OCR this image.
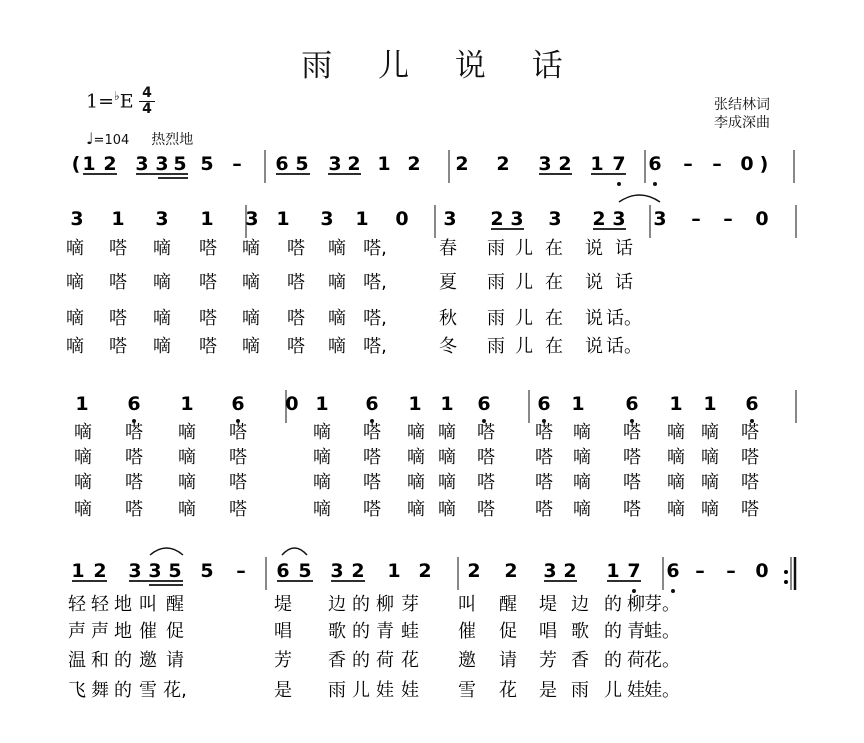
雨 儿 说 话
1=♭E 4
4
♩=104 热烈地
张结林词
李成深曲
( 1 2 3 3 5 5 – 6 5 3 2 1 2 2 2 3 2 1 7 6 – – 0 )
3 1 3 1 3 1 3 1 0 3 2 3 3 2 3 3 – – 0
嘀 嗒 嘀 嗒 嘀 嗒 嘀 嗒,	春 雨 儿 在 说 话
嘀 嗒 嘀 嗒 嘀 嗒 嘀 嗒,	夏 雨 儿 在 说 话
嘀 嗒 嘀 嗒 嘀 嗒 嘀 嗒,	秋 雨 儿 在 说 话。
嘀 嗒 嘀 嗒 嘀 嗒 嘀 嗒,	冬 雨 儿 在 说 话。
1 6 1 6 0 1 6 1 1 6 6 1 6 1 1 6
嘀 嗒 嘀 嗒	嘀 嗒 嘀 嘀 嗒 嗒 嘀 嗒 嘀 嘀 嗒
嘀 嗒 嘀 嗒	嘀 嗒 嘀 嘀 嗒 嗒 嘀 嗒 嘀 嘀 嗒
嘀 嗒 嘀 嗒	嘀 嗒 嘀 嘀 嗒 嗒 嘀 嗒 嘀 嘀 嗒
嘀 嗒 嘀 嗒	嘀 嗒 嘀 嘀 嗒 嗒 嘀 嗒 嘀 嘀 嗒
1 2 3 3 5 5 – 6 5 3 2 1 2 2 2 3 2 1 7 6 – – 0
轻 轻 地 叫 醒	堤 边 的 柳 芽 叫 醒 堤 边 的 柳 芽。
声 声 地 催 促	唱 歌 的 青 蛙 催 促 唱 歌 的 青 蛙。
温 和 的 邀 请	芳 香 的 荷 花 邀 请 芳 香 的 荷 花。
飞 舞 的 雪 花,	是 雨 儿 娃 娃 雪 花 是 雨 儿 娃 娃。
